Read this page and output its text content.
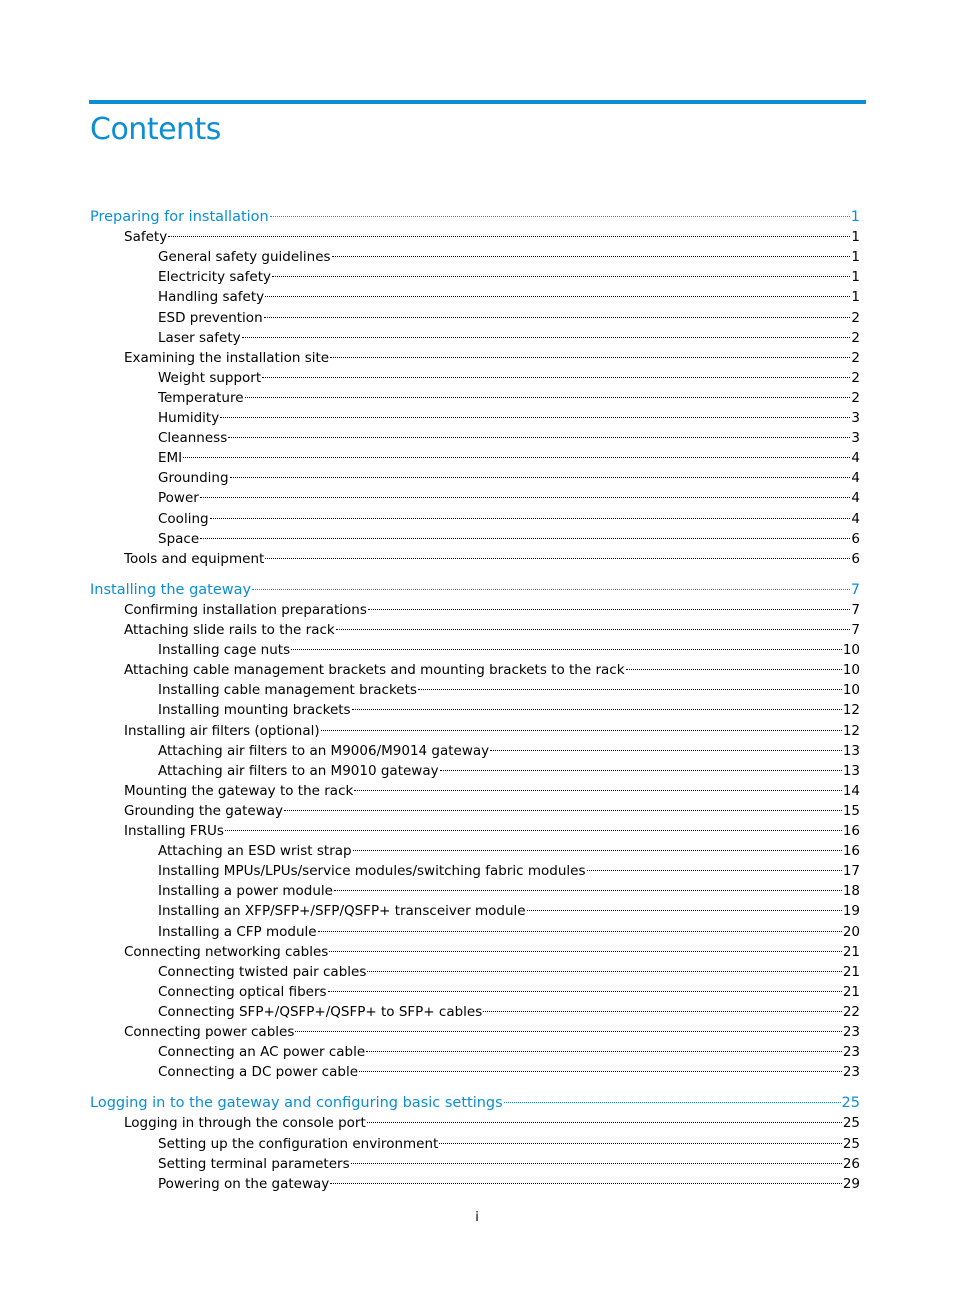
Contents
Preparing for installation	1
Safety	1
General safety guidelines	1
Electricity safety	1
Handling safety	1
ESD prevention	2
Laser safety	2
Examining the installation site	2
Weight support	2
Temperature	2
Humidity	3
Cleanness	3
EMI	4
Grounding	4
Power	4
Cooling	4
Space	6
Tools and equipment	6
Installing the gateway	7
Confirming installation preparations	7
Attaching slide rails to the rack	7
Installing cage nuts	10
Attaching cable management brackets and mounting brackets to the rack	10
Installing cable management brackets	10
Installing mounting brackets	12
Installing air filters (optional)	12
Attaching air filters to an M9006/M9014 gateway	13
Attaching air filters to an M9010 gateway	13
Mounting the gateway to the rack	14
Grounding the gateway	15
Installing FRUs	16
Attaching an ESD wrist strap	16
Installing MPUs/LPUs/service modules/switching fabric modules	17
Installing a power module	18
Installing an XFP/SFP+/SFP/QSFP+ transceiver module	19
Installing a CFP module	20
Connecting networking cables	21
Connecting twisted pair cables	21
Connecting optical fibers	21
Connecting SFP+/QSFP+/QSFP+ to SFP+ cables	22
Connecting power cables	23
Connecting an AC power cable	23
Connecting a DC power cable	23
Logging in to the gateway and configuring basic settings	25
Logging in through the console port	25
Setting up the configuration environment	25
Setting terminal parameters	26
Powering on the gateway	29
i
